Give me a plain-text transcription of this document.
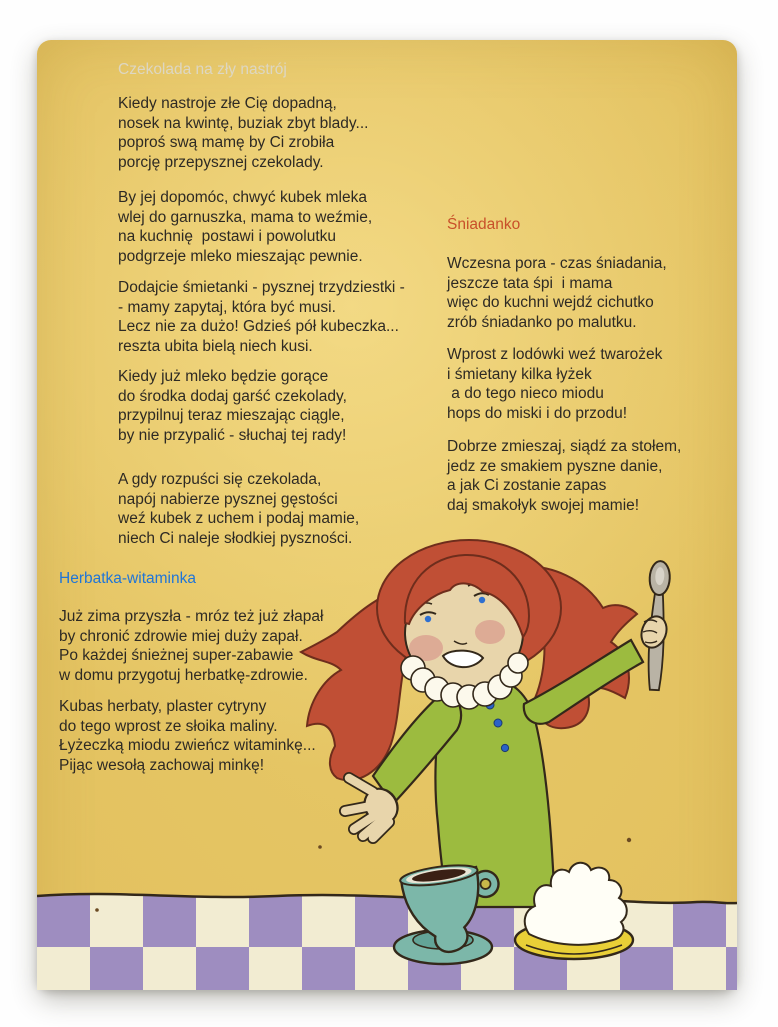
Czekolada na zły nastrój
Kiedy nastroje złe Cię dopadną,
nosek na kwintę, buziak zbyt blady...
poproś swą mamę by Ci zrobiła
porcję przepysznej czekolady.
By jej dopomóc, chwyć kubek mleka
wlej do garnuszka, mama to weźmie,
na kuchnię  postawi i powolutku
podgrzeje mleko mieszając pewnie.
Dodajcie śmietanki - pysznej trzydziestki -
- mamy zapytaj, która być musi.
Lecz nie za dużo! Gdzieś pół kubeczka...
reszta ubita bielą niech kusi.
Kiedy już mleko będzie gorące
do środka dodaj garść czekolady,
przypilnuj teraz mieszając ciągle,
by nie przypalić - słuchaj tej rady!
A gdy rozpuści się czekolada,
napój nabierze pysznej gęstości
weź kubek z uchem i podaj mamie,
niech Ci naleje słodkiej pyszności.
Śniadanko
Wczesna pora - czas śniadania,
jeszcze tata śpi  i mama
więc do kuchni wejdź cichutko
zrób śniadanko po malutku.
Wprost z lodówki weź twarożek
i śmietany kilka łyżek
a do tego nieco miodu
hops do miski i do przodu!
Dobrze zmieszaj, siądź za stołem,
jedz ze smakiem pyszne danie,
a jak Ci zostanie zapas
daj smakołyk swojej mamie!
Herbatka-witaminka
Już zima przyszła - mróz też już złapał
by chronić zdrowie miej duży zapał.
Po każdej śnieżnej super-zabawie
w domu przygotuj herbatkę-zdrowie.
Kubas herbaty, plaster cytryny
do tego wprost ze słoika maliny.
Łyżeczką miodu zwieńcz witaminkę...
Pijąc wesołą zachowaj minkę!
